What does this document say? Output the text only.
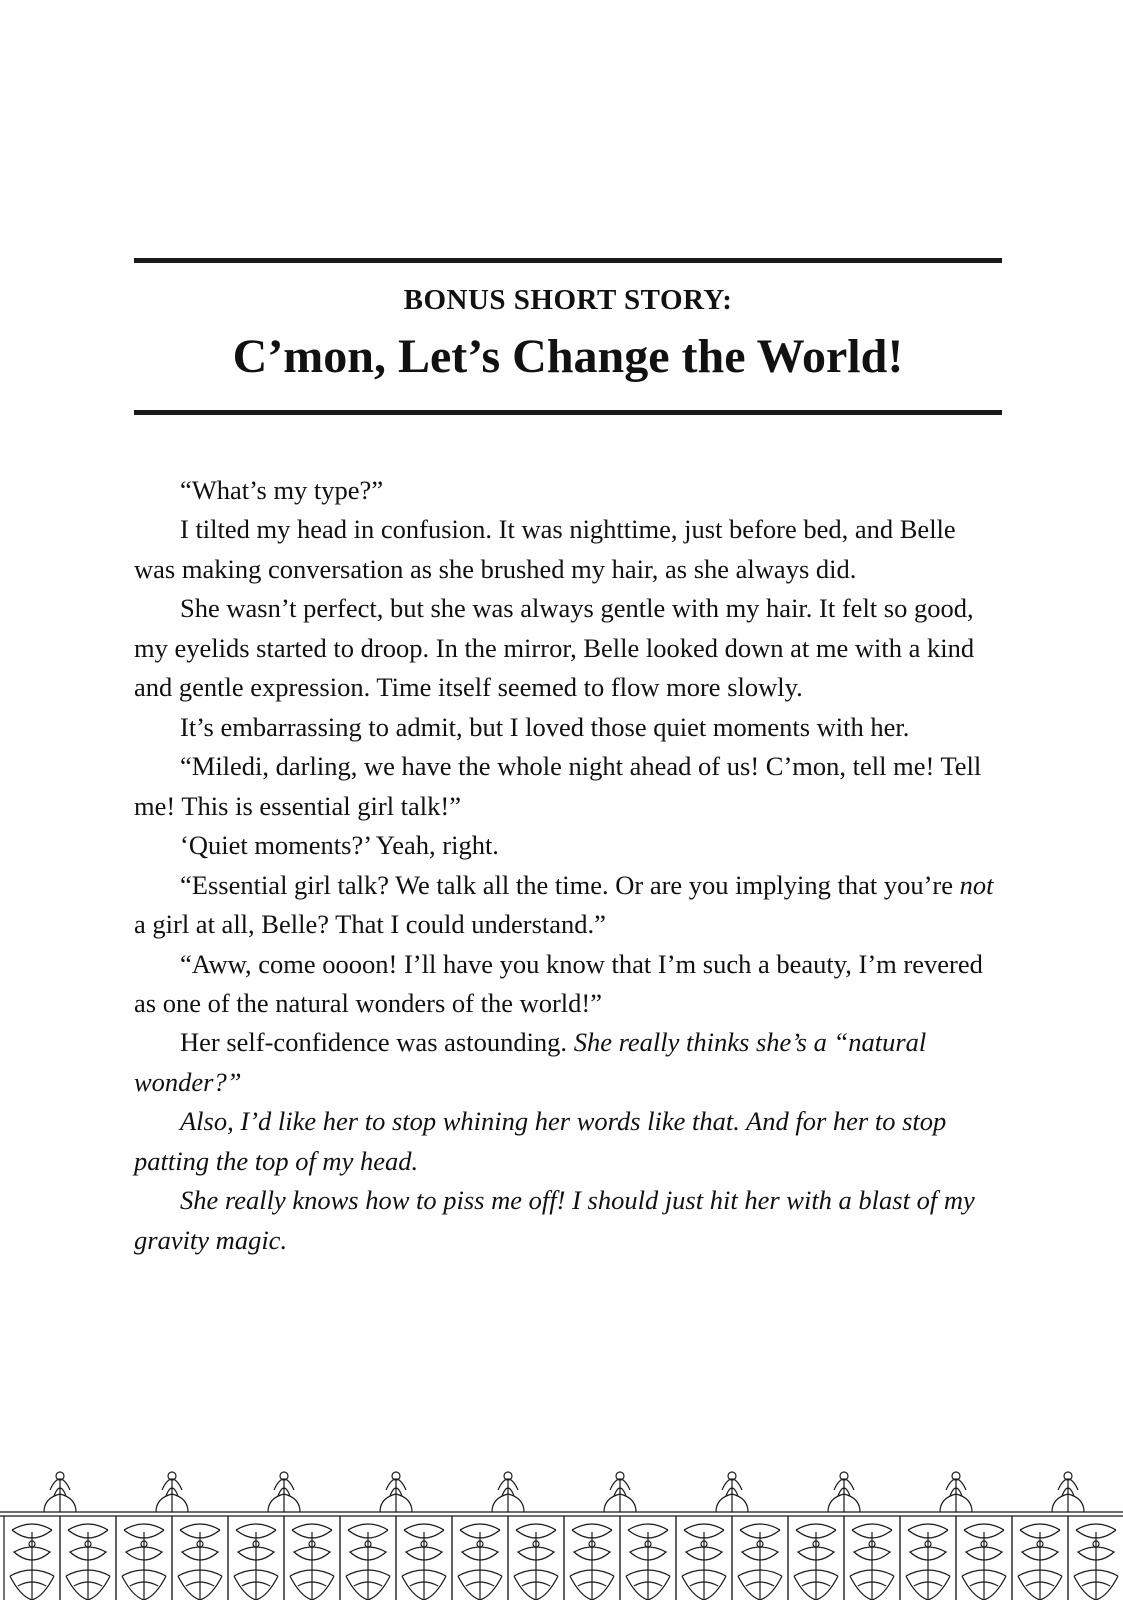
BONUS SHORT STORY:
C’mon, Let’s Change the World!

“What’s my type?”

I tilted my head in confusion. It was nighttime, just before bed, and Belle was making conversation as she brushed my hair, as she always did.

She wasn’t perfect, but she was always gentle with my hair. It felt so good, my eyelids started to droop. In the mirror, Belle looked down at me with a kind and gentle expression. Time itself seemed to flow more slowly.

It’s embarrassing to admit, but I loved those quiet moments with her.

“Miledi, darling, we have the whole night ahead of us! C’mon, tell me! Tell me! This is essential girl talk!”

‘Quiet moments?’ Yeah, right.

“Essential girl talk? We talk all the time. Or are you implying that you’re not a girl at all, Belle? That I could understand.”

“Aww, come oooon! I’ll have you know that I’m such a beauty, I’m revered as one of the natural wonders of the world!”

Her self-confidence was astounding. She really thinks she’s a “natural wonder?”

Also, I’d like her to stop whining her words like that. And for her to stop patting the top of my head.

She really knows how to piss me off! I should just hit her with a blast of my gravity magic.
